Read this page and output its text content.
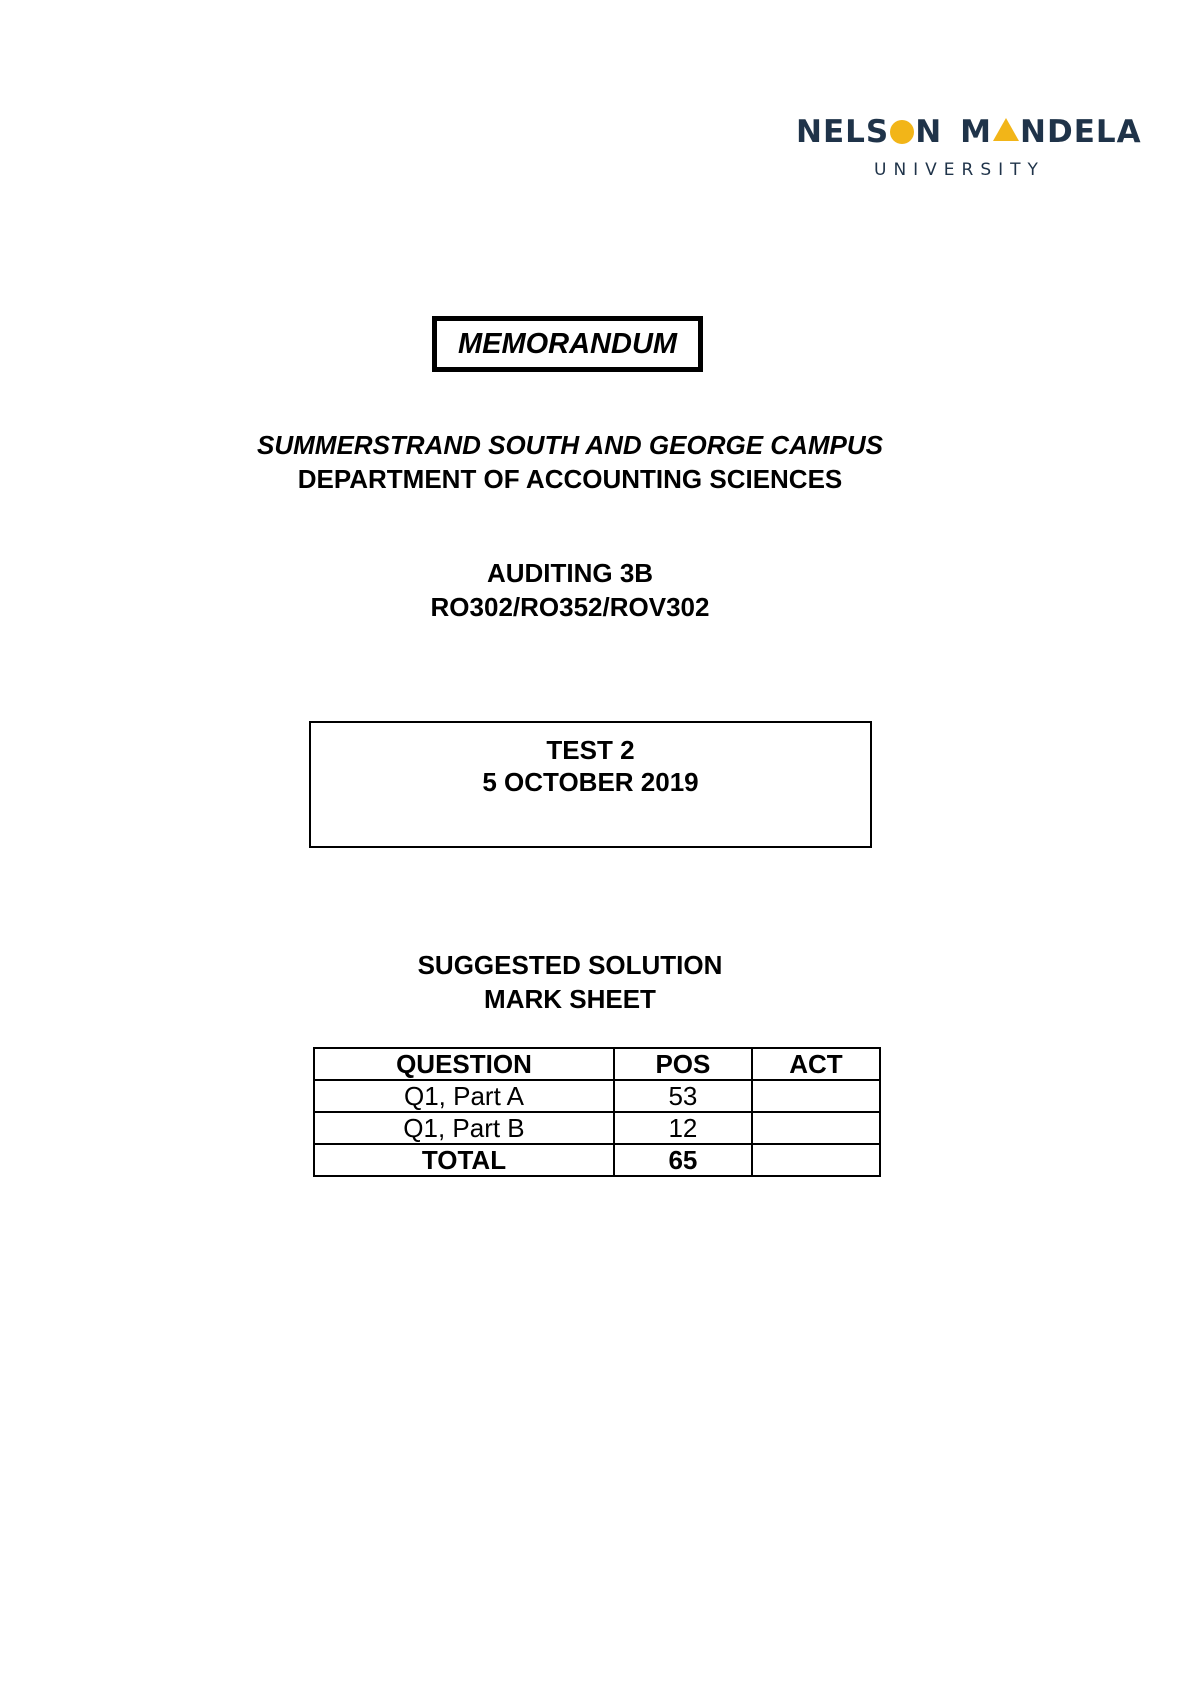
NELS N M NDELA
UNIVERSITY
MEMORANDUM
SUMMERSTRAND SOUTH AND GEORGE CAMPUS
DEPARTMENT OF ACCOUNTING SCIENCES
AUDITING 3B
RO302/RO352/ROV302
TEST 2
5 OCTOBER 2019
SUGGESTED SOLUTION
MARK SHEET
QUESTION	POS	ACT
Q1, Part A	53	
Q1, Part B	12	
TOTAL	65	
